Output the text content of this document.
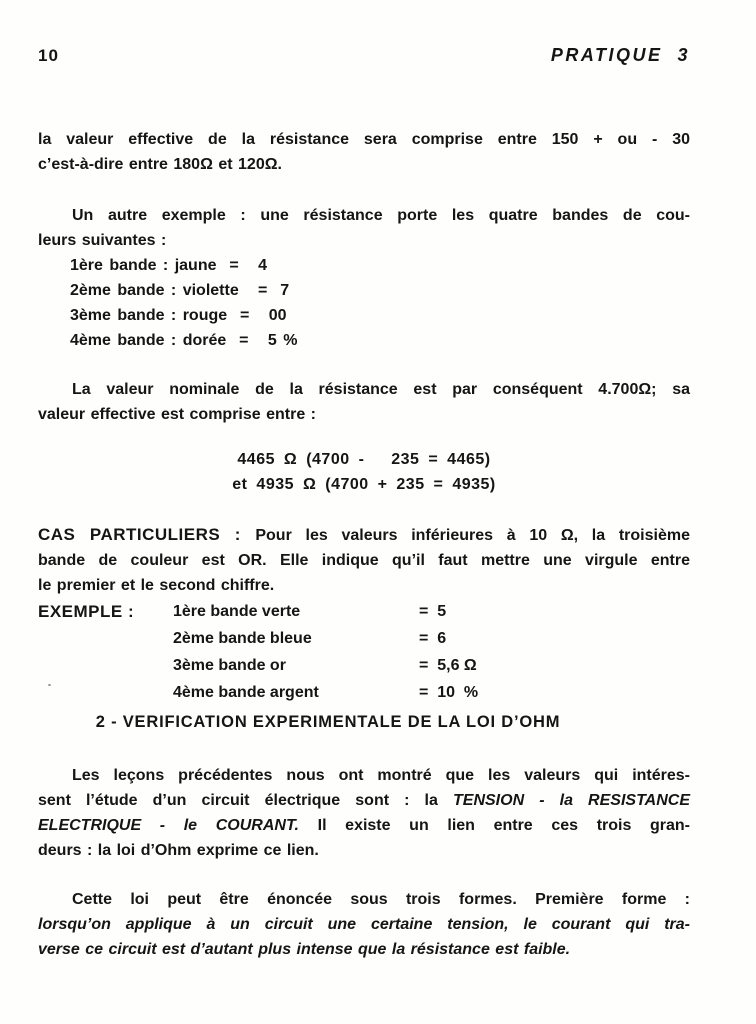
10	PRATIQUE  3
la valeur effective de la résistance sera comprise entre 150 + ou - 30
c’est-à-dire entre 180Ω et 120Ω.
Un autre exemple : une résistance porte les quatre bandes de cou-
leurs suivantes :
1ère bande : jaune  =   4
2ème bande : violette   =  7
3ème bande : rouge  =   00
4ème bande : dorée  =   5 %
La valeur nominale de la résistance est par conséquent 4.700Ω; sa
valeur effective est comprise entre :
4465 Ω (4700 -   235 = 4465)
et 4935 Ω (4700 + 235 = 4935)
CAS PARTICULIERS : Pour les valeurs inférieures à 10 Ω, la troisième
bande de couleur est OR. Elle indique qu’il faut mettre une virgule entre
le premier et le second chiffre.
EXEMPLE :	1ère bande verte	=  5
2ème bande bleue	=  6
3ème bande or	=  5,6 Ω
4ème bande argent	=  10  %
2 - VERIFICATION EXPERIMENTALE DE LA LOI D’OHM
Les leçons précédentes nous ont montré que les valeurs qui intéres-
sent l’étude d’un circuit électrique sont : la TENSION - la RESISTANCE
ELECTRIQUE - le COURANT. Il existe un lien entre ces trois gran-
deurs : la loi d’Ohm exprime ce lien.
Cette loi peut être énoncée sous trois formes. Première forme :
lorsqu’on applique à un circuit une certaine tension, le courant qui tra-
verse ce circuit est d’autant plus intense que la résistance est faible.
